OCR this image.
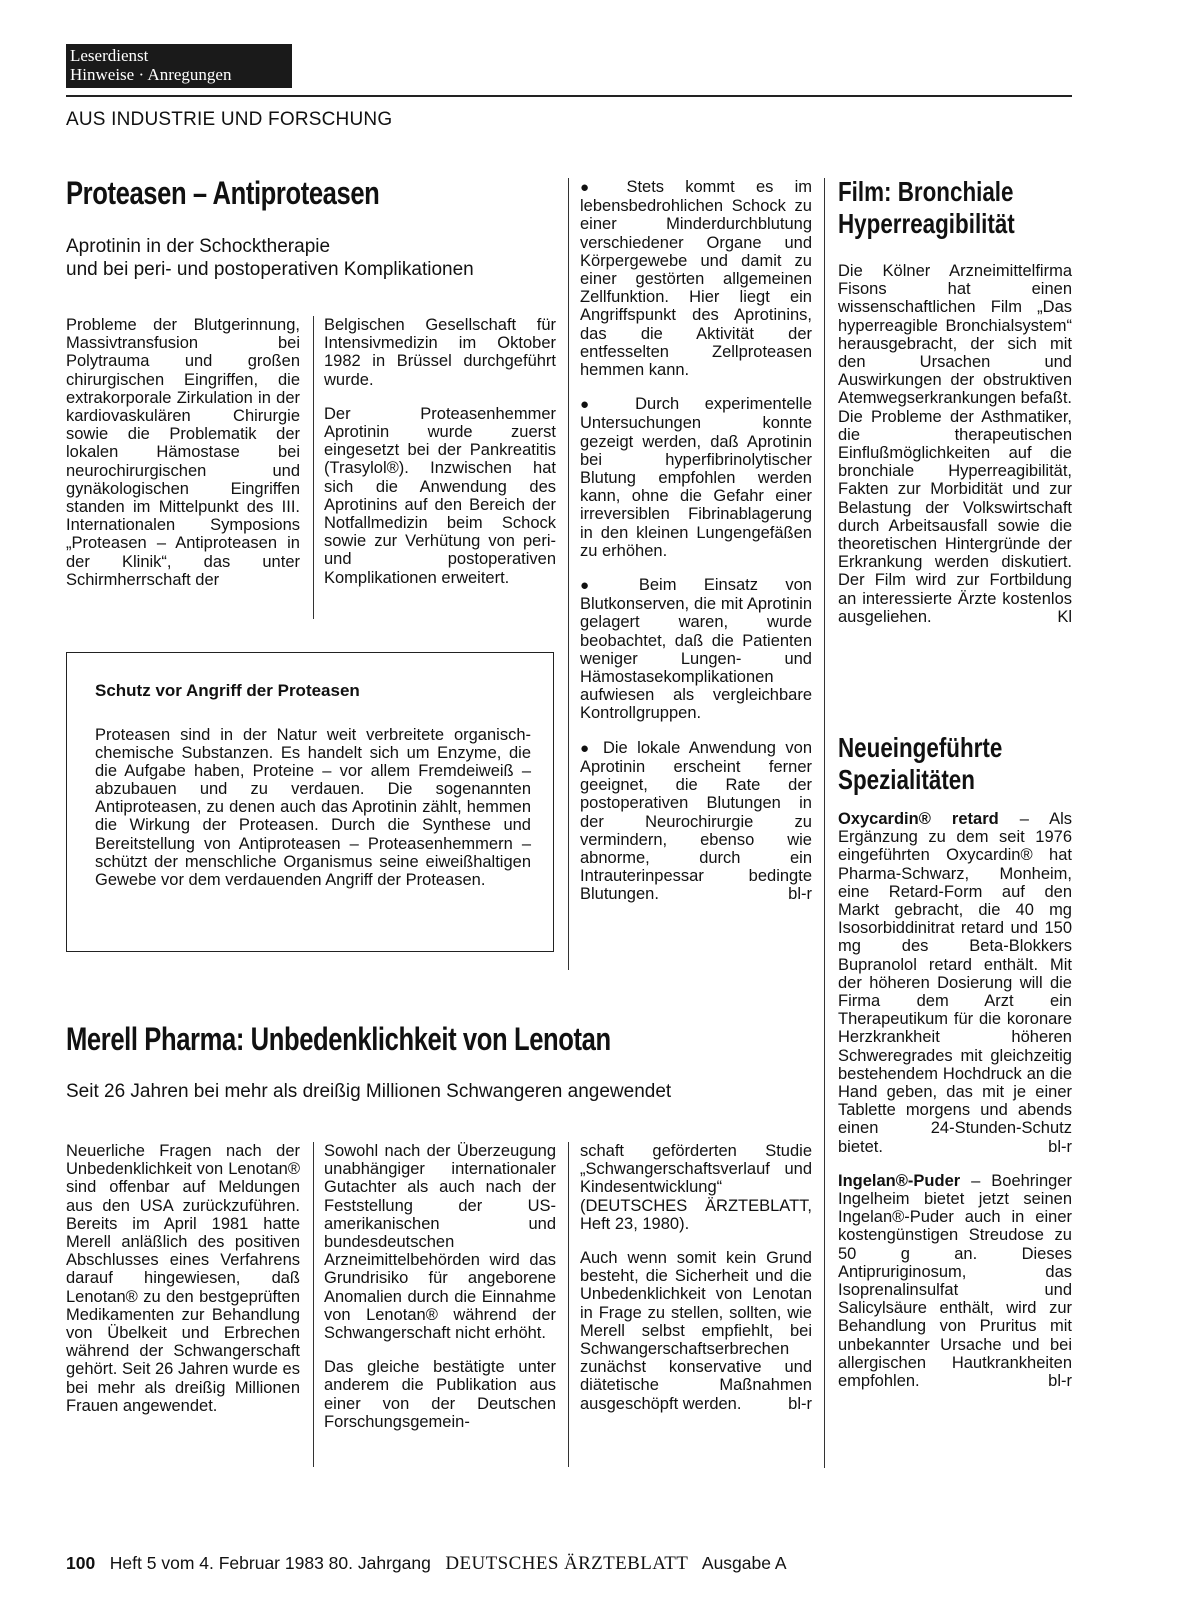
Leserdienst
Hinweise · Anregungen
AUS INDUSTRIE UND FORSCHUNG
Proteasen – Antiproteasen
Aprotinin in der Schocktherapie
und bei peri- und postoperativen Komplikationen

Probleme der Blutgerinnung, Massivtransfusion bei Polytrauma und großen chirurgischen Eingriffen, die extrakorporale Zirkulation in der kardiovaskulären Chirurgie sowie die Problematik der lokalen Hämostase bei neurochirurgischen und gynäkologischen Eingriffen standen im Mittelpunkt des III. Internationalen Symposions „Proteasen – Antiproteasen in der Klinik“, das unter Schirmherrschaft der

Belgischen Gesellschaft für Intensivmedizin im Oktober 1982 in Brüssel durchgeführt wurde.

Der Proteasenhemmer Aprotinin wurde zuerst eingesetzt bei der Pankreatitis (Trasylol®). Inzwischen hat sich die Anwendung des Aprotinins auf den Bereich der Notfallmedizin beim Schock sowie zur Verhütung von peri- und postoperativen Komplikationen erweitert.

● Stets kommt es im lebensbedrohlichen Schock zu einer Minderdurchblutung verschiedener Organe und Körpergewebe und damit zu einer gestörten allgemeinen Zellfunktion. Hier liegt ein Angriffspunkt des Aprotinins, das die Aktivität der entfesselten Zellproteasen hemmen kann.

● Durch experimentelle Untersuchungen konnte gezeigt werden, daß Aprotinin bei hyperfibrinolytischer Blutung empfohlen werden kann, ohne die Gefahr einer irreversiblen Fibrinablagerung in den kleinen Lungengefäßen zu erhöhen.

● Beim Einsatz von Blutkonserven, die mit Aprotinin gelagert waren, wurde beobachtet, daß die Patienten weniger Lungen- und Hämostasekomplikationen aufwiesen als vergleichbare Kontrollgruppen.

● Die lokale Anwendung von Aprotinin erscheint ferner geeignet, die Rate der postoperativen Blutungen in der Neurochirurgie zu vermindern, ebenso wie abnorme, durch ein Intrauterinpessar bedingte Blutungen.	bl-r

Schutz vor Angriff der Proteasen
Proteasen sind in der Natur weit verbreitete organisch-chemische Substanzen. Es handelt sich um Enzyme, die die Aufgabe haben, Proteine – vor allem Fremdeiweiß – abzubauen und zu verdauen. Die sogenannten Antiproteasen, zu denen auch das Aprotinin zählt, hemmen die Wirkung der Proteasen. Durch die Synthese und Bereitstellung von Antiproteasen – Proteasenhemmern – schützt der menschliche Organismus seine eiweißhaltigen Gewebe vor dem verdauenden Angriff der Proteasen.
Film: Bronchiale
Hyperreagibilität

Die Kölner Arzneimittelfirma Fisons hat einen wissenschaftlichen Film „Das hyperreagible Bronchialsystem“ herausgebracht, der sich mit den Ursachen und Auswirkungen der obstruktiven Atemwegserkrankungen befaßt. Die Probleme der Asthmatiker, die therapeutischen Einflußmöglichkeiten auf die bronchiale Hyperreagibilität, Fakten zur Morbidität und zur Belastung der Volkswirtschaft durch Arbeitsausfall sowie die theoretischen Hintergründe der Erkrankung werden diskutiert. Der Film wird zur Fortbildung an interessierte Ärzte kostenlos ausgeliehen.	Kl

Neueingeführte
Spezialitäten

Oxycardin® retard – Als Ergänzung zu dem seit 1976 eingeführten Oxycardin® hat Pharma-Schwarz, Monheim, eine Retard-Form auf den Markt gebracht, die 40 mg Isosorbiddinitrat retard und 150 mg des Beta-Blokkers Bupranolol retard enthält. Mit der höheren Dosierung will die Firma dem Arzt ein Therapeutikum für die koronare Herzkrankheit höheren Schweregrades mit gleichzeitig bestehendem Hochdruck an die Hand geben, das mit je einer Tablette morgens und abends einen 24-Stunden-Schutz bietet.	bl-r

Ingelan®-Puder – Boehringer Ingelheim bietet jetzt seinen Ingelan®-Puder auch in einer kostengünstigen Streudose zu 50 g an. Dieses Antipruriginosum, das Isoprenalinsulfat und Salicylsäure enthält, wird zur Behandlung von Pruritus mit unbekannter Ursache und bei allergischen Hautkrankheiten empfohlen.	bl-r

Merell Pharma: Unbedenklichkeit von Lenotan
Seit 26 Jahren bei mehr als dreißig Millionen Schwangeren angewendet

Neuerliche Fragen nach der Unbedenklichkeit von Lenotan® sind offenbar auf Meldungen aus den USA zurückzuführen. Bereits im April 1981 hatte Merell anläßlich des positiven Abschlusses eines Verfahrens darauf hingewiesen, daß Lenotan® zu den bestgeprüften Medikamenten zur Behandlung von Übelkeit und Erbrechen während der Schwangerschaft gehört. Seit 26 Jahren wurde es bei mehr als dreißig Millionen Frauen angewendet.

Sowohl nach der Überzeugung unabhängiger internationaler Gutachter als auch nach der Feststellung der US-amerikanischen und bundesdeutschen Arzneimittelbehörden wird das Grundrisiko für angeborene Anomalien durch die Einnahme von Lenotan® während der Schwangerschaft nicht erhöht.

Das gleiche bestätigte unter anderem die Publikation aus einer von der Deutschen Forschungsgemein-

schaft geförderten Studie „Schwangerschaftsverlauf und Kindesentwicklung“ (DEUTSCHES ÄRZTEBLATT, Heft 23, 1980).

Auch wenn somit kein Grund besteht, die Sicherheit und die Unbedenklichkeit von Lenotan in Frage zu stellen, sollten, wie Merell selbst empfiehlt, bei Schwangerschaftserbrechen zunächst konservative und diätetische Maßnahmen ausgeschöpft werden.	bl-r

100 Heft 5 vom 4. Februar 1983 80. Jahrgang DEUTSCHES ÄRZTEBLATT Ausgabe A
